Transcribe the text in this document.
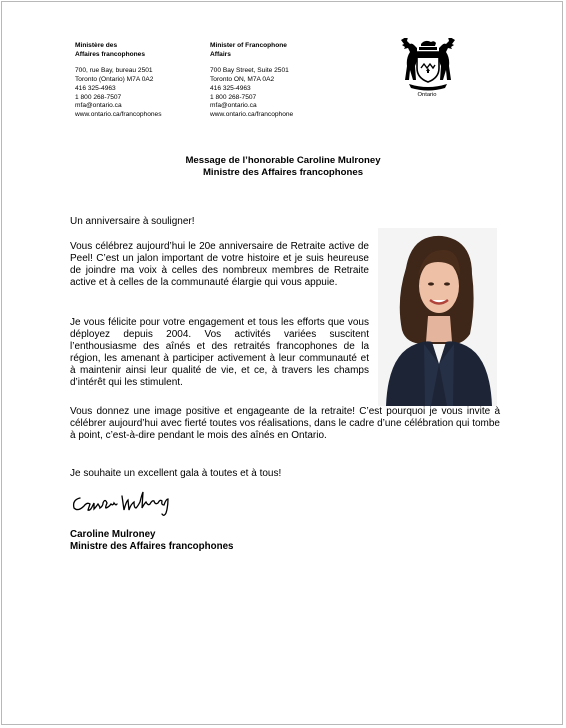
Ministère des
Affaires francophones
700, rue Bay, bureau 2501
Toronto (Ontario) M7A 0A2
416 325-4963
1 800 268-7507
mfa@ontario.ca
www.ontario.ca/francophones
Minister of Francophone
Affairs
700 Bay Street, Suite 2501
Toronto ON, M7A 0A2
416 325-4963
1 800 268-7507
mfa@ontario.ca
www.ontario.ca/francophone
Ontario
Message de l’honorable Caroline Mulroney
Ministre des Affaires francophones
Un anniversaire à souligner!
Vous célébrez aujourd’hui le 20e anniversaire de Retraite active de Peel! C’est un jalon important de votre histoire et je suis heureuse de joindre ma voix à celles des nombreux membres de Retraite active et à celles de la communauté élargie qui vous appuie.
Je vous félicite pour votre engagement et tous les efforts que vous déployez depuis 2004. Vos activités variées suscitent l’enthousiasme des aînés et des retraités francophones de la région, les amenant à participer activement à leur communauté et à maintenir ainsi leur qualité de vie, et ce, à travers les champs d’intérêt qui les stimulent.
Vous donnez une image positive et engageante de la retraite! C’est pourquoi je vous invite à célébrer aujourd’hui avec fierté toutes vos réalisations, dans le cadre d’une célébration qui tombe à point, c’est-à-dire pendant le mois des aînés en Ontario.
Je souhaite un excellent gala à toutes et à tous!
Caroline Mulroney
Ministre des Affaires francophones
